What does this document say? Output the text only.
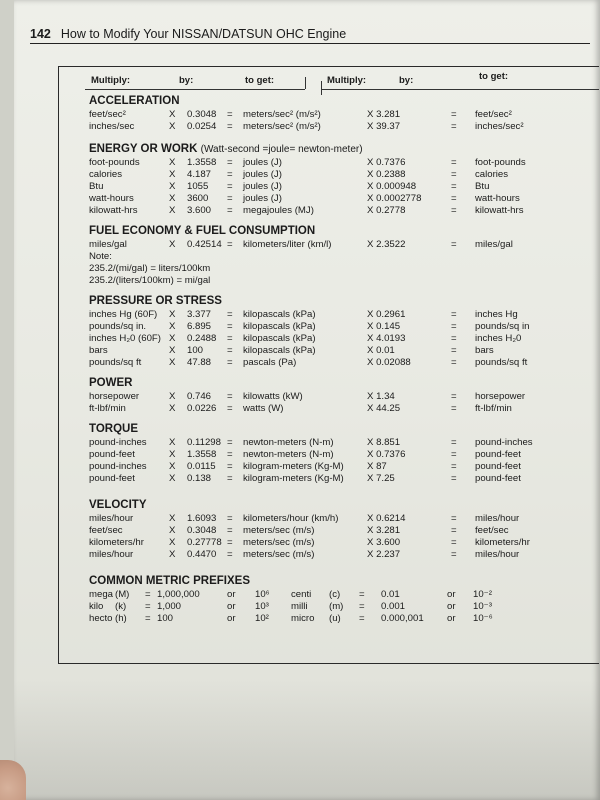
142 How to Modify Your NISSAN/DATSUN OHC Engine
Multiply:	by:	to get:	Multiply:	by:	to get:
ACCELERATION
feet/sec²	X 0.3048 = meters/sec² (m/s²)	X 3.281	= feet/sec²
inches/sec	X 0.0254 = meters/sec² (m/s²)	X 39.37	= inches/sec²
ENERGY OR WORK (Watt-second =joule= newton-meter)
foot-pounds	X 1.3558 = joules (J)	X 0.7376	= foot-pounds
calories	X 4.187 = joules (J)	X 0.2388	= calories
Btu	X 1055 = joules (J)	X 0.000948	= Btu
watt-hours	X 3600 = joules (J)	X 0.0002778	= watt-hours
kilowatt-hrs	X 3.600 = megajoules (MJ)	X 0.2778	= kilowatt-hrs
FUEL ECONOMY & FUEL CONSUMPTION
miles/gal	X 0.42514 = kilometers/liter (km/l)	X 2.3522	= miles/gal
Note:
235.2/(mi/gal) = liters/100km
235.2/(liters/100km) = mi/gal
PRESSURE OR STRESS
inches Hg (60F) X 3.377 = kilopascals (kPa)	X 0.2961	= inches Hg
pounds/sq in. X 6.895 = kilopascals (kPa)	X 0.145	= pounds/sq in
inches H₂0 (60F) X 0.2488 = kilopascals (kPa)	X 4.0193	= inches H₂0
bars	X 100 = kilopascals (kPa)	X 0.01	= bars
pounds/sq ft	X 47.88 = pascals (Pa)	X 0.02088	= pounds/sq ft
POWER
horsepower	X 0.746 = kilowatts (kW)	X 1.34	= horsepower
ft-lbf/min	X 0.0226 = watts (W)	X 44.25	= ft-lbf/min
TORQUE
pound-inches X 0.11298 = newton-meters (N-m)	X 8.851	= pound-inches
pound-feet	X 1.3558 = newton-meters (N-m)	X 0.7376	= pound-feet
pound-inches X 0.0115 = kilogram-meters (Kg-M) X 87	= pound-feet
pound-feet	X 0.138 = kilogram-meters (Kg-M) X 7.25	= pound-feet
VELOCITY
miles/hour	X 1.6093 = kilometers/hour (km/h)	X 0.6214	= miles/hour
feet/sec	X 0.3048 = meters/sec (m/s)	X 3.281	= feet/sec
kilometers/hr	X 0.27778 = meters/sec (m/s)	X 3.600	= kilometers/hr
miles/hour	X 0.4470 = meters/sec (m/s)	X 2.237	= miles/hour
COMMON METRIC PREFIXES
mega (M) = 1,000,000	or 10⁶ centi (c) = 0.01	or 10⁻²
kilo (k) = 1,000	or 10³ milli (m) = 0.001	or 10⁻³
hecto (h) = 100	or 10² micro (u) = 0.000,001 or 10⁻⁶
